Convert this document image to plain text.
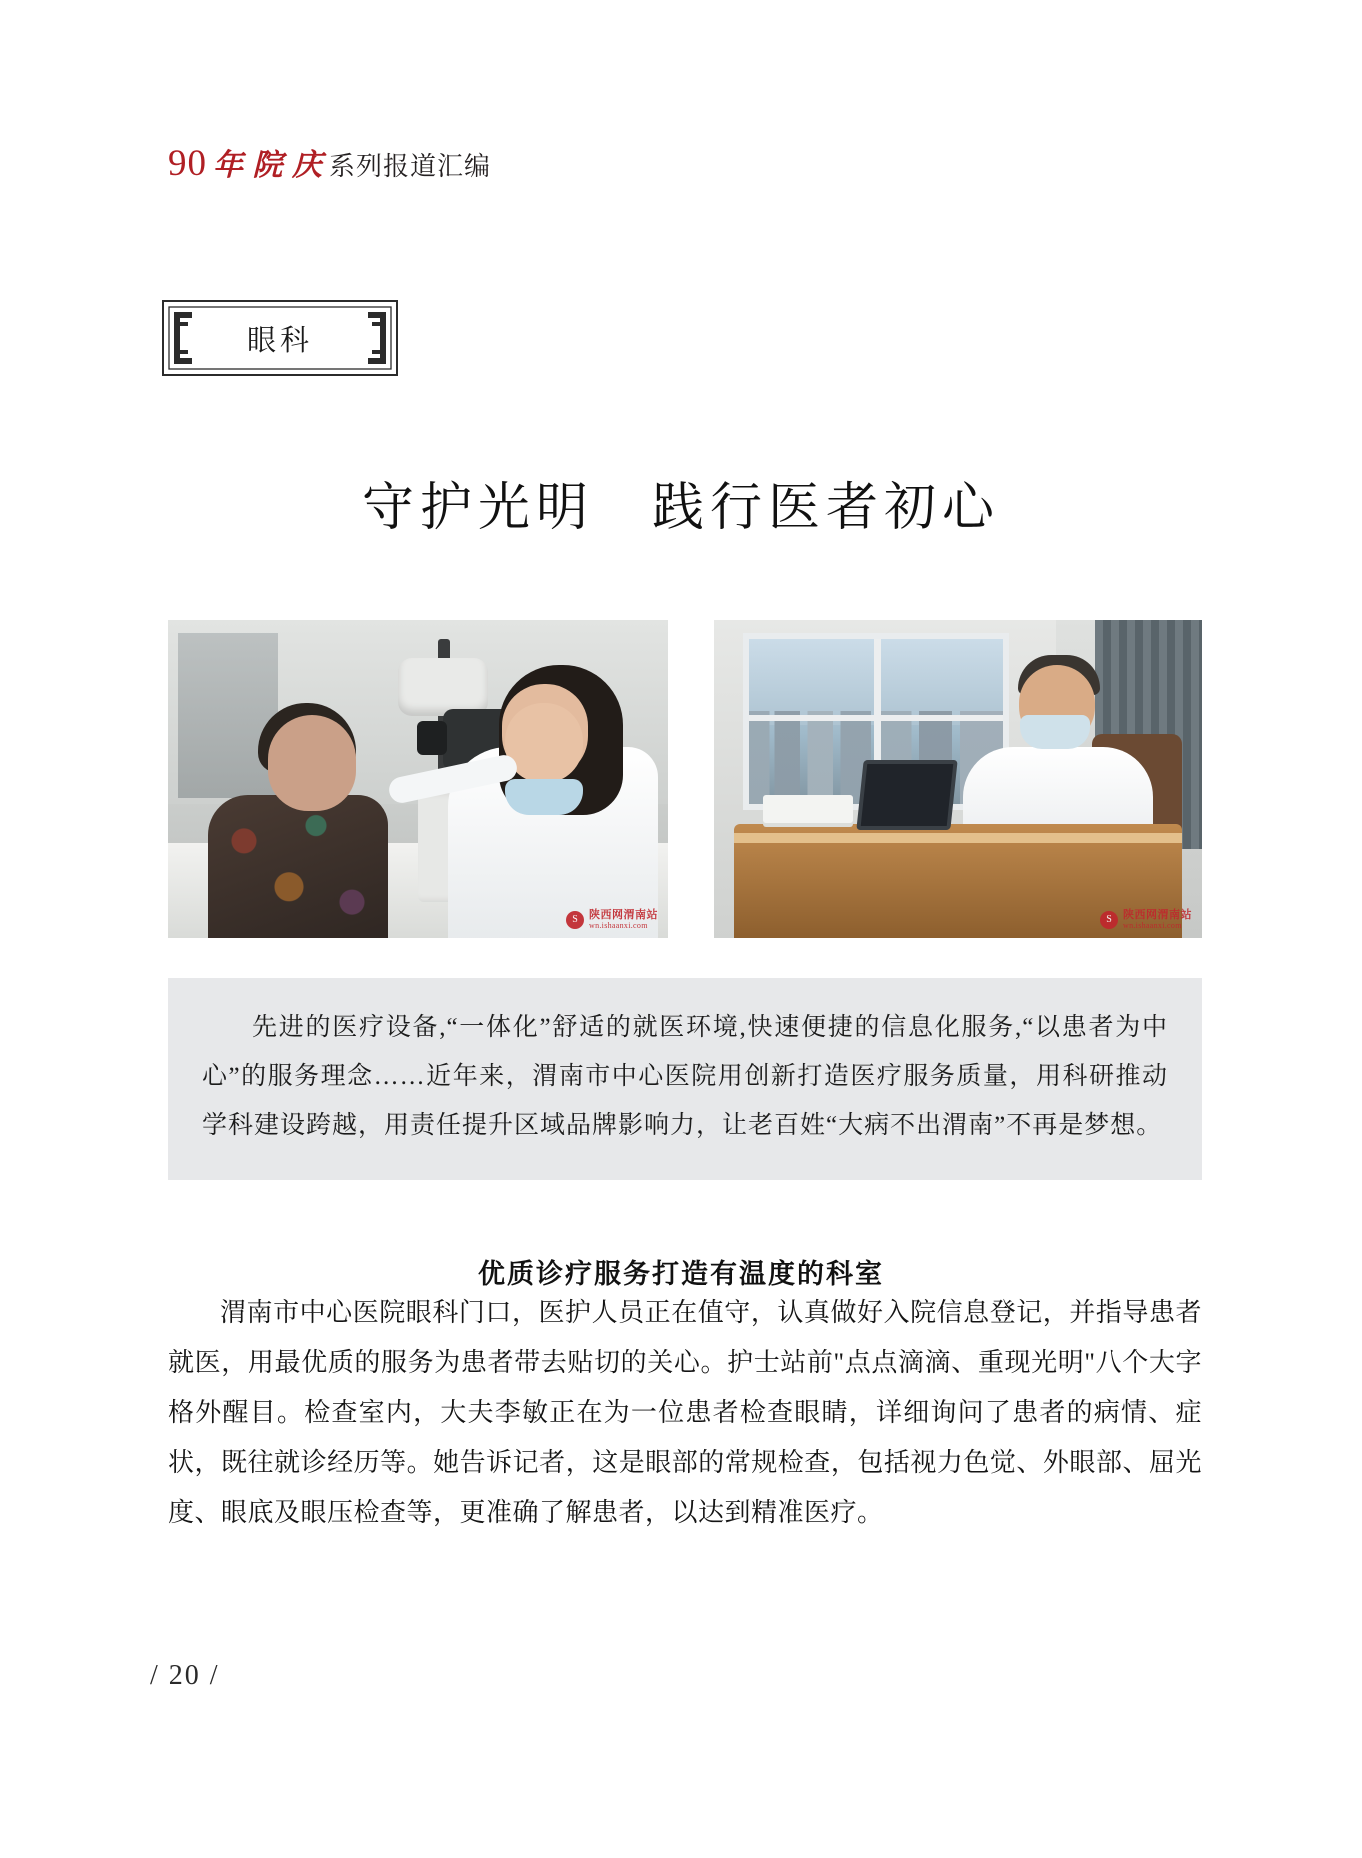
90 年 院 庆 系列报道汇编
眼科
守护光明　践行医者初心
S	陕西网渭南站
wn.ishaanxi.com
S	陕西网渭南站
wn.ishaanxi.com

先进的医疗设备,“一体化”舒适的就医环境,快速便捷的信息化服务,“以患者为中心”的服务理念……近年来，渭南市中心医院用创新打造医疗服务质量，用科研推动学科建设跨越，用责任提升区域品牌影响力，让老百姓“大病不出渭南”不再是梦想。

优质诊疗服务打造有温度的科室

渭南市中心医院眼科门口，医护人员正在值守，认真做好入院信息登记，并指导患者就医，用最优质的服务为患者带去贴切的关心。护士站前"点点滴滴、重现光明"八个大字格外醒目。检查室内，大夫李敏正在为一位患者检查眼睛，详细询问了患者的病情、症状，既往就诊经历等。她告诉记者，这是眼部的常规检查，包括视力色觉、外眼部、屈光度、眼底及眼压检查等，更准确了解患者，以达到精准医疗。

/ 20 /
